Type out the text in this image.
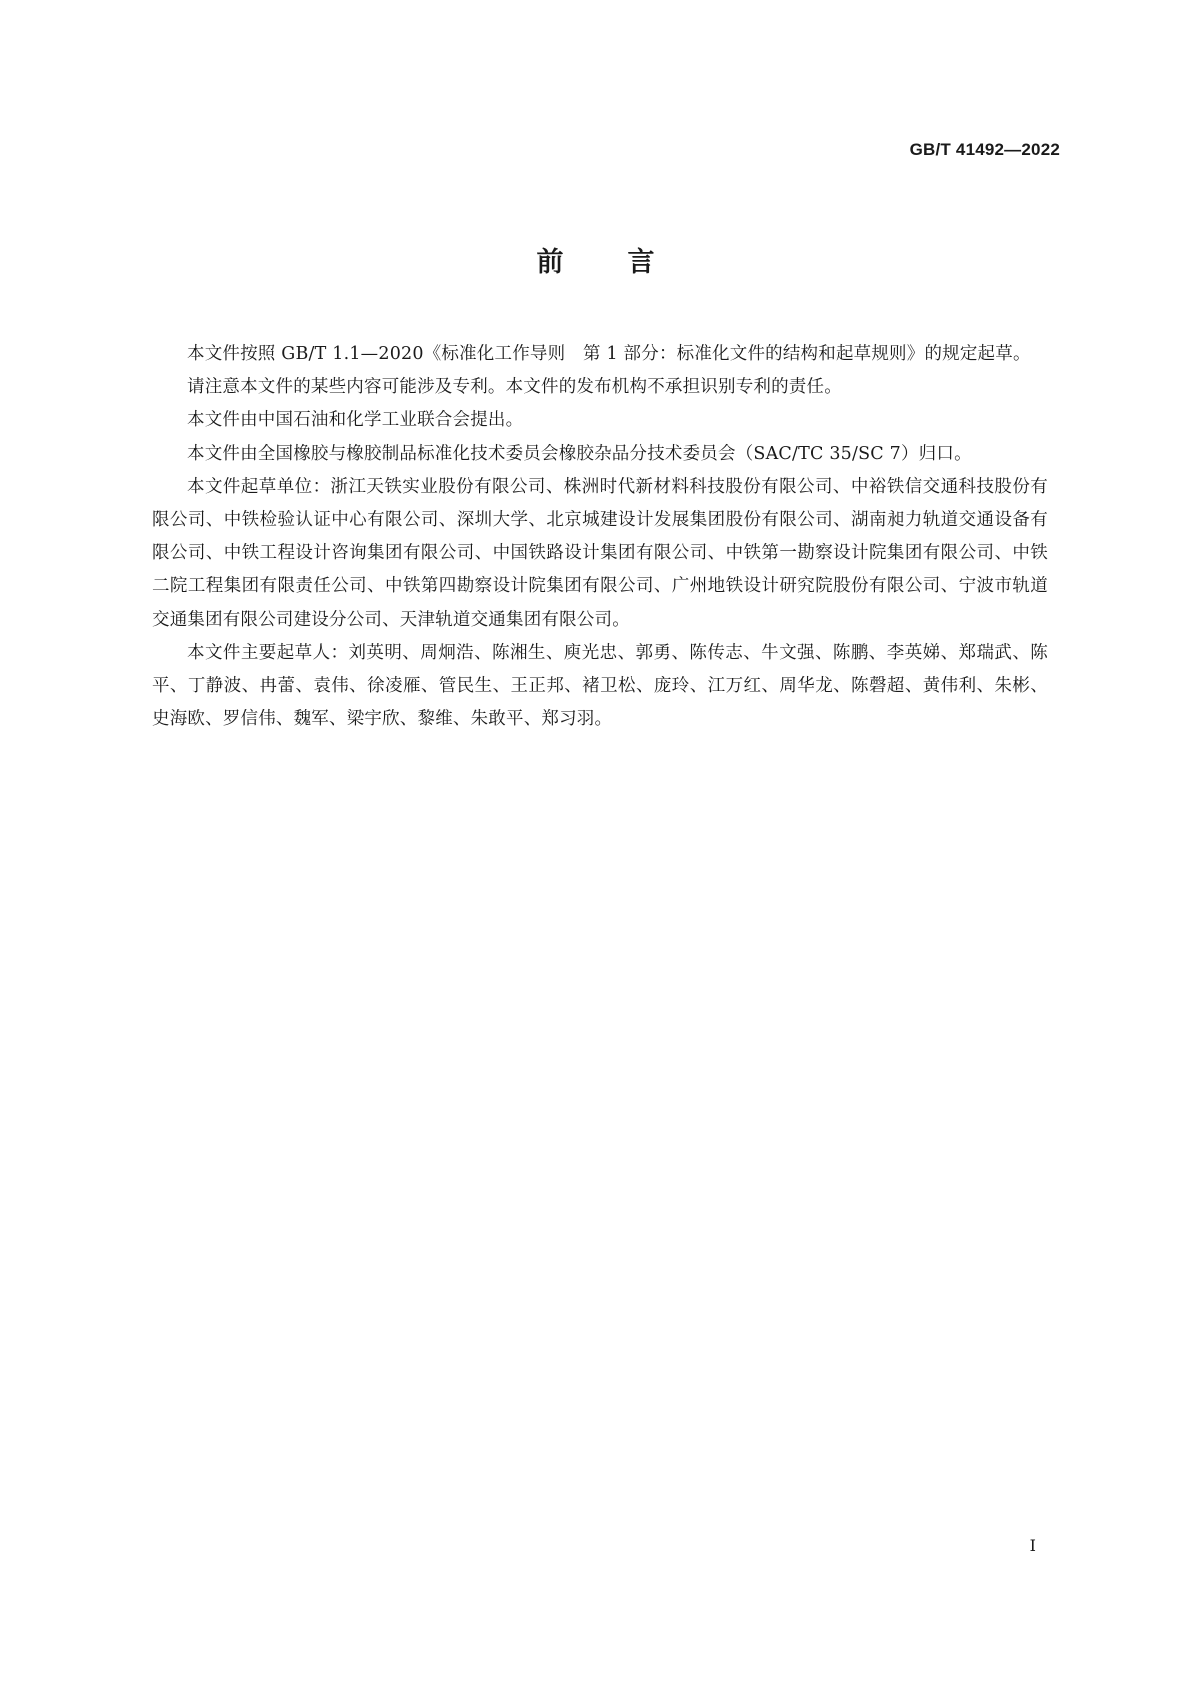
GB/T 41492—2022
前言

本文件按照 GB/T 1.1—2020《标准化工作导则　第 1 部分：标准化文件的结构和起草规则》的规定起草。

请注意本文件的某些内容可能涉及专利。本文件的发布机构不承担识别专利的责任。

本文件由中国石油和化学工业联合会提出。

本文件由全国橡胶与橡胶制品标准化技术委员会橡胶杂品分技术委员会（SAC/TC 35/SC 7）归口。

本文件起草单位：浙江天铁实业股份有限公司、株洲时代新材料科技股份有限公司、中裕铁信交通科技股份有限公司、中铁检验认证中心有限公司、深圳大学、北京城建设计发展集团股份有限公司、湖南昶力轨道交通设备有限公司、中铁工程设计咨询集团有限公司、中国铁路设计集团有限公司、中铁第一勘察设计院集团有限公司、中铁二院工程集团有限责任公司、中铁第四勘察设计院集团有限公司、广州地铁设计研究院股份有限公司、宁波市轨道交通集团有限公司建设分公司、天津轨道交通集团有限公司。

本文件主要起草人：刘英明、周炯浩、陈湘生、庾光忠、郭勇、陈传志、牛文强、陈鹏、李英娣、郑瑞武、陈平、丁静波、冉蕾、袁伟、徐凌雁、管民生、王正邦、褚卫松、庞玲、江万红、周华龙、陈磬超、黄伟利、朱彬、史海欧、罗信伟、魏军、梁宇欣、黎维、朱敢平、郑习羽。

I
